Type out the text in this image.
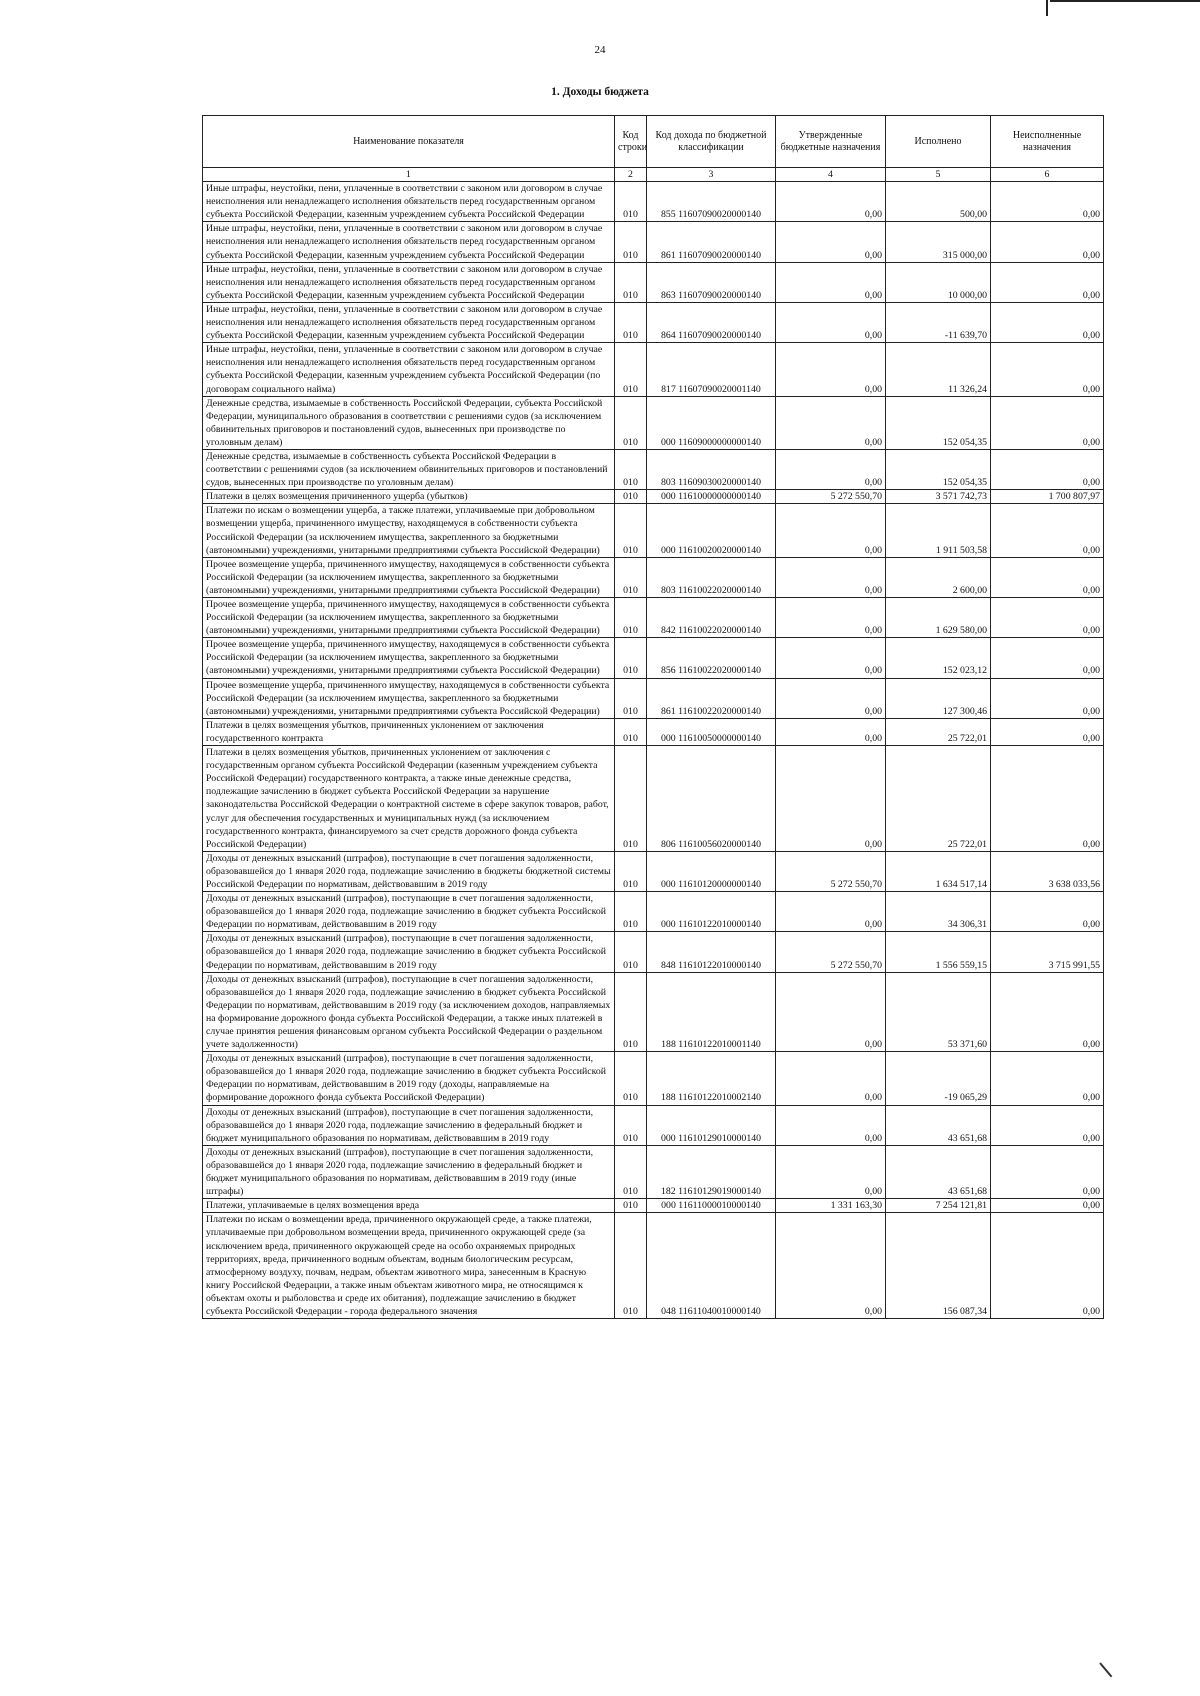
24
1. Доходы бюджета
Наименование показателя	Код строки	Код дохода по бюджетной классификации	Утвержденные бюджетные назначения	Исполнено	Неисполненные назначения
1	2	3	4	5	6
Иные штрафы, неустойки, пени, уплаченные в соответствии с законом или договором в случае неисполнения или ненадлежащего исполнения обязательств перед государственным органом субъекта Российской Федерации, казенным учреждением субъекта Российской Федерации	010	855 11607090020000140	0,00	500,00	0,00
Иные штрафы, неустойки, пени, уплаченные в соответствии с законом или договором в случае неисполнения или ненадлежащего исполнения обязательств перед государственным органом субъекта Российской Федерации, казенным учреждением субъекта Российской Федерации	010	861 11607090020000140	0,00	315 000,00	0,00
Иные штрафы, неустойки, пени, уплаченные в соответствии с законом или договором в случае неисполнения или ненадлежащего исполнения обязательств перед государственным органом субъекта Российской Федерации, казенным учреждением субъекта Российской Федерации	010	863 11607090020000140	0,00	10 000,00	0,00
Иные штрафы, неустойки, пени, уплаченные в соответствии с законом или договором в случае неисполнения или ненадлежащего исполнения обязательств перед государственным органом субъекта Российской Федерации, казенным учреждением субъекта Российской Федерации	010	864 11607090020000140	0,00	-11 639,70	0,00
Иные штрафы, неустойки, пени, уплаченные в соответствии с законом или договором в случае неисполнения или ненадлежащего исполнения обязательств перед государственным органом субъекта Российской Федерации, казенным учреждением субъекта Российской Федерации (по договорам социального найма)	010	817 11607090020001140	0,00	11 326,24	0,00
Денежные средства, изымаемые в собственность Российской Федерации, субъекта Российской Федерации, муниципального образования в соответствии с решениями судов (за исключением обвинительных приговоров и постановлений судов, вынесенных при производстве по уголовным делам)	010	000 11609000000000140	0,00	152 054,35	0,00
Денежные средства, изымаемые в собственность субъекта Российской Федерации в соответствии с решениями судов (за исключением обвинительных приговоров и постановлений судов, вынесенных при производстве по уголовным делам)	010	803 11609030020000140	0,00	152 054,35	0,00
Платежи в целях возмещения причиненного ущерба (убытков)	010	000 11610000000000140	5 272 550,70	3 571 742,73	1 700 807,97
Платежи по искам о возмещении ущерба, а также платежи, уплачиваемые при добровольном возмещении ущерба, причиненного имуществу, находящемуся в собственности субъекта Российской Федерации (за исключением имущества, закрепленного за бюджетными (автономными) учреждениями, унитарными предприятиями субъекта Российской Федерации)	010	000 11610020020000140	0,00	1 911 503,58	0,00
Прочее возмещение ущерба, причиненного имуществу, находящемуся в собственности субъекта Российской Федерации (за исключением имущества, закрепленного за бюджетными (автономными) учреждениями, унитарными предприятиями субъекта Российской Федерации)	010	803 11610022020000140	0,00	2 600,00	0,00
Прочее возмещение ущерба, причиненного имуществу, находящемуся в собственности субъекта Российской Федерации (за исключением имущества, закрепленного за бюджетными (автономными) учреждениями, унитарными предприятиями субъекта Российской Федерации)	010	842 11610022020000140	0,00	1 629 580,00	0,00
Прочее возмещение ущерба, причиненного имуществу, находящемуся в собственности субъекта Российской Федерации (за исключением имущества, закрепленного за бюджетными (автономными) учреждениями, унитарными предприятиями субъекта Российской Федерации)	010	856 11610022020000140	0,00	152 023,12	0,00
Прочее возмещение ущерба, причиненного имуществу, находящемуся в собственности субъекта Российской Федерации (за исключением имущества, закрепленного за бюджетными (автономными) учреждениями, унитарными предприятиями субъекта Российской Федерации)	010	861 11610022020000140	0,00	127 300,46	0,00
Платежи в целях возмещения убытков, причиненных уклонением от заключения государственного контракта	010	000 11610050000000140	0,00	25 722,01	0,00
Платежи в целях возмещения убытков, причиненных уклонением от заключения с государственным органом субъекта Российской Федерации (казенным учреждением субъекта Российской Федерации) государственного контракта, а также иные денежные средства, подлежащие зачислению в бюджет субъекта Российской Федерации за нарушение законодательства Российской Федерации о контрактной системе в сфере закупок товаров, работ, услуг для обеспечения государственных и муниципальных нужд (за исключением государственного контракта, финансируемого за счет средств дорожного фонда субъекта Российской Федерации)	010	806 11610056020000140	0,00	25 722,01	0,00
Доходы от денежных взысканий (штрафов), поступающие в счет погашения задолженности, образовавшейся до 1 января 2020 года, подлежащие зачислению в бюджеты бюджетной системы Российской Федерации по нормативам, действовавшим в 2019 году	010	000 11610120000000140	5 272 550,70	1 634 517,14	3 638 033,56
Доходы от денежных взысканий (штрафов), поступающие в счет погашения задолженности, образовавшейся до 1 января 2020 года, подлежащие зачислению в бюджет субъекта Российской Федерации по нормативам, действовавшим в 2019 году	010	000 11610122010000140	0,00	34 306,31	0,00
Доходы от денежных взысканий (штрафов), поступающие в счет погашения задолженности, образовавшейся до 1 января 2020 года, подлежащие зачислению в бюджет субъекта Российской Федерации по нормативам, действовавшим в 2019 году	010	848 11610122010000140	5 272 550,70	1 556 559,15	3 715 991,55
Доходы от денежных взысканий (штрафов), поступающие в счет погашения задолженности, образовавшейся до 1 января 2020 года, подлежащие зачислению в бюджет субъекта Российской Федерации по нормативам, действовавшим в 2019 году (за исключением доходов, направляемых на формирование дорожного фонда субъекта Российской Федерации, а также иных платежей в случае принятия решения финансовым органом субъекта Российской Федерации о раздельном учете задолженности)	010	188 11610122010001140	0,00	53 371,60	0,00
Доходы от денежных взысканий (штрафов), поступающие в счет погашения задолженности, образовавшейся до 1 января 2020 года, подлежащие зачислению в бюджет субъекта Российской Федерации по нормативам, действовавшим в 2019 году (доходы, направляемые на формирование дорожного фонда субъекта Российской Федерации)	010	188 11610122010002140	0,00	-19 065,29	0,00
Доходы от денежных взысканий (штрафов), поступающие в счет погашения задолженности, образовавшейся до 1 января 2020 года, подлежащие зачислению в федеральный бюджет и бюджет муниципального образования по нормативам, действовавшим в 2019 году	010	000 11610129010000140	0,00	43 651,68	0,00
Доходы от денежных взысканий (штрафов), поступающие в счет погашения задолженности, образовавшейся до 1 января 2020 года, подлежащие зачислению в федеральный бюджет и бюджет муниципального образования по нормативам, действовавшим в 2019 году (иные штрафы)	010	182 11610129019000140	0,00	43 651,68	0,00
Платежи, уплачиваемые в целях возмещения вреда	010	000 11611000010000140	1 331 163,30	7 254 121,81	0,00
Платежи по искам о возмещении вреда, причиненного окружающей среде, а также платежи, уплачиваемые при добровольном возмещении вреда, причиненного окружающей среде (за исключением вреда, причиненного окружающей среде на особо охраняемых природных территориях, вреда, причиненного водным объектам, водным биологическим ресурсам, атмосферному воздуху, почвам, недрам, объектам животного мира, занесенным в Красную книгу Российской Федерации, а также иным объектам животного мира, не относящимся к объектам охоты и рыболовства и среде их обитания), подлежащие зачислению в бюджет субъекта Российской Федерации - города федерального значения	010	048 11611040010000140	0,00	156 087,34	0,00
